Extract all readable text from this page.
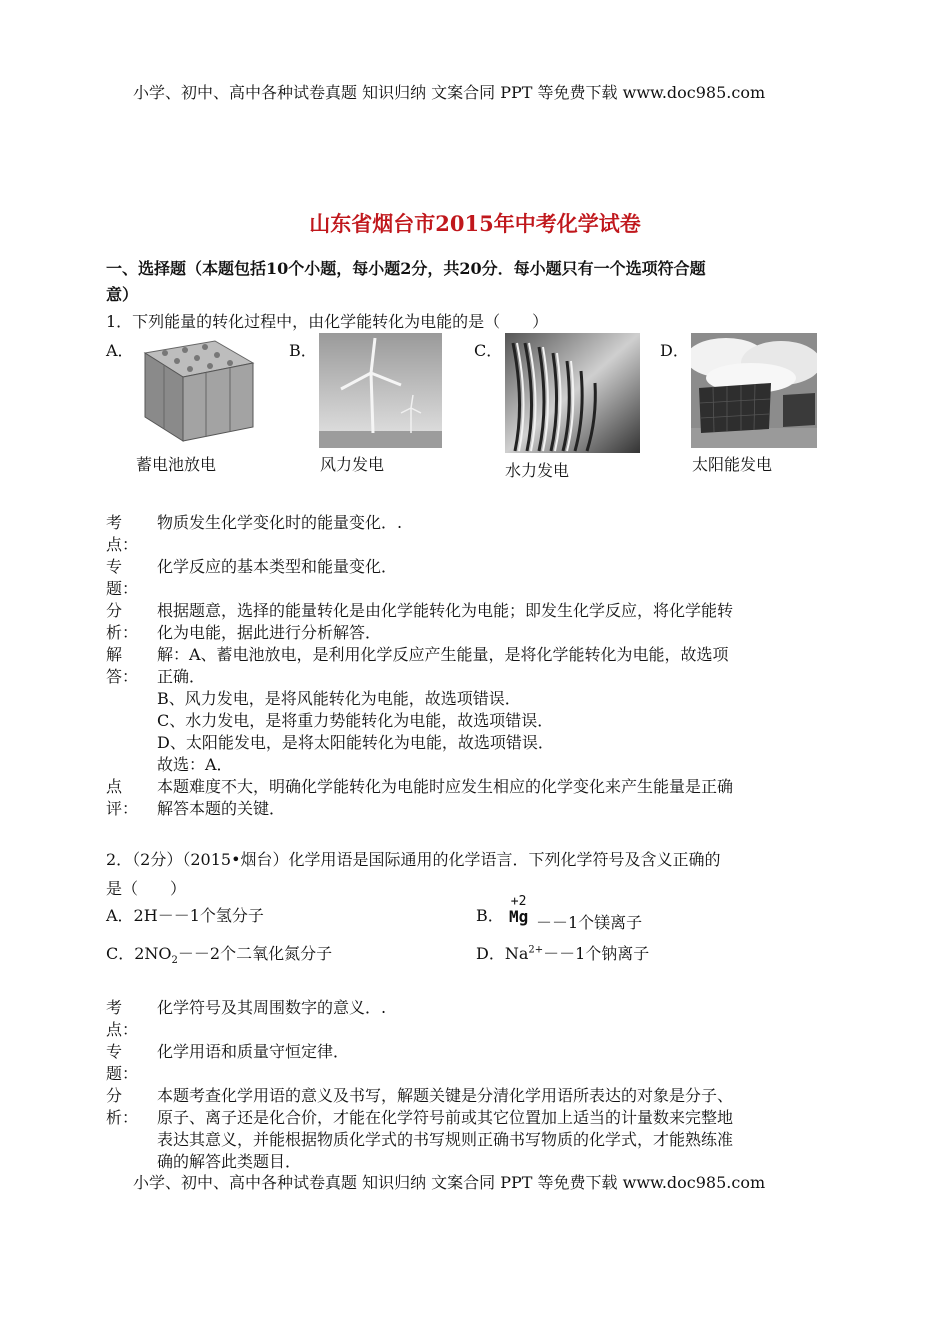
小学、初中、高中各种试卷真题 知识归纳 文案合同 PPT 等免费下载 www.doc985.com
山东省烟台市2015年中考化学试卷
一、选择题（本题包括10个小题，每小题2分，共20分．每小题只有一个选项符合题
意）
1．下列能量的转化过程中，由化学能转化为电能的是（　　）
A．	B．	C．	D．
蓄电池放电	风力发电	水力发电	太阳能发电
考
点：
物质发生化学变化时的能量变化．.
专
题：
化学反应的基本类型和能量变化．
分
析：
根据题意，选择的能量转化是由化学能转化为电能；即发生化学反应，将化学能转
化为电能，据此进行分析解答．
解
答：
解：A、蓄电池放电，是利用化学反应产生能量，是将化学能转化为电能，故选项
正确．
B、风力发电，是将风能转化为电能，故选项错误．
C、水力发电，是将重力势能转化为电能，故选项错误．
D、太阳能发电，是将太阳能转化为电能，故选项错误．
故选：A．
点
评：
本题难度不大，明确化学能转化为电能时应发生相应的化学变化来产生能量是正确
解答本题的关键．
2．（2分）（2015•烟台）化学用语是国际通用的化学语言．下列化学符号及含义正确的
是（　　）
A．2H－－1个氢分子	B．
+2
Mg －－1个镁离子
C．$2NO_2--2$个二氧化氮分子	D．$Na^{2+}--1$个钠离子
考
点：
化学符号及其周围数字的意义．.
专
题：
化学用语和质量守恒定律．
分
析：
本题考查化学用语的意义及书写，解题关键是分清化学用语所表达的对象是分子、
原子、离子还是化合价，才能在化学符号前或其它位置加上适当的计量数来完整地
表达其意义，并能根据物质化学式的书写规则正确书写物质的化学式，才能熟练准
确的解答此类题目．
小学、初中、高中各种试卷真题 知识归纳 文案合同 PPT 等免费下载 www.doc985.com
